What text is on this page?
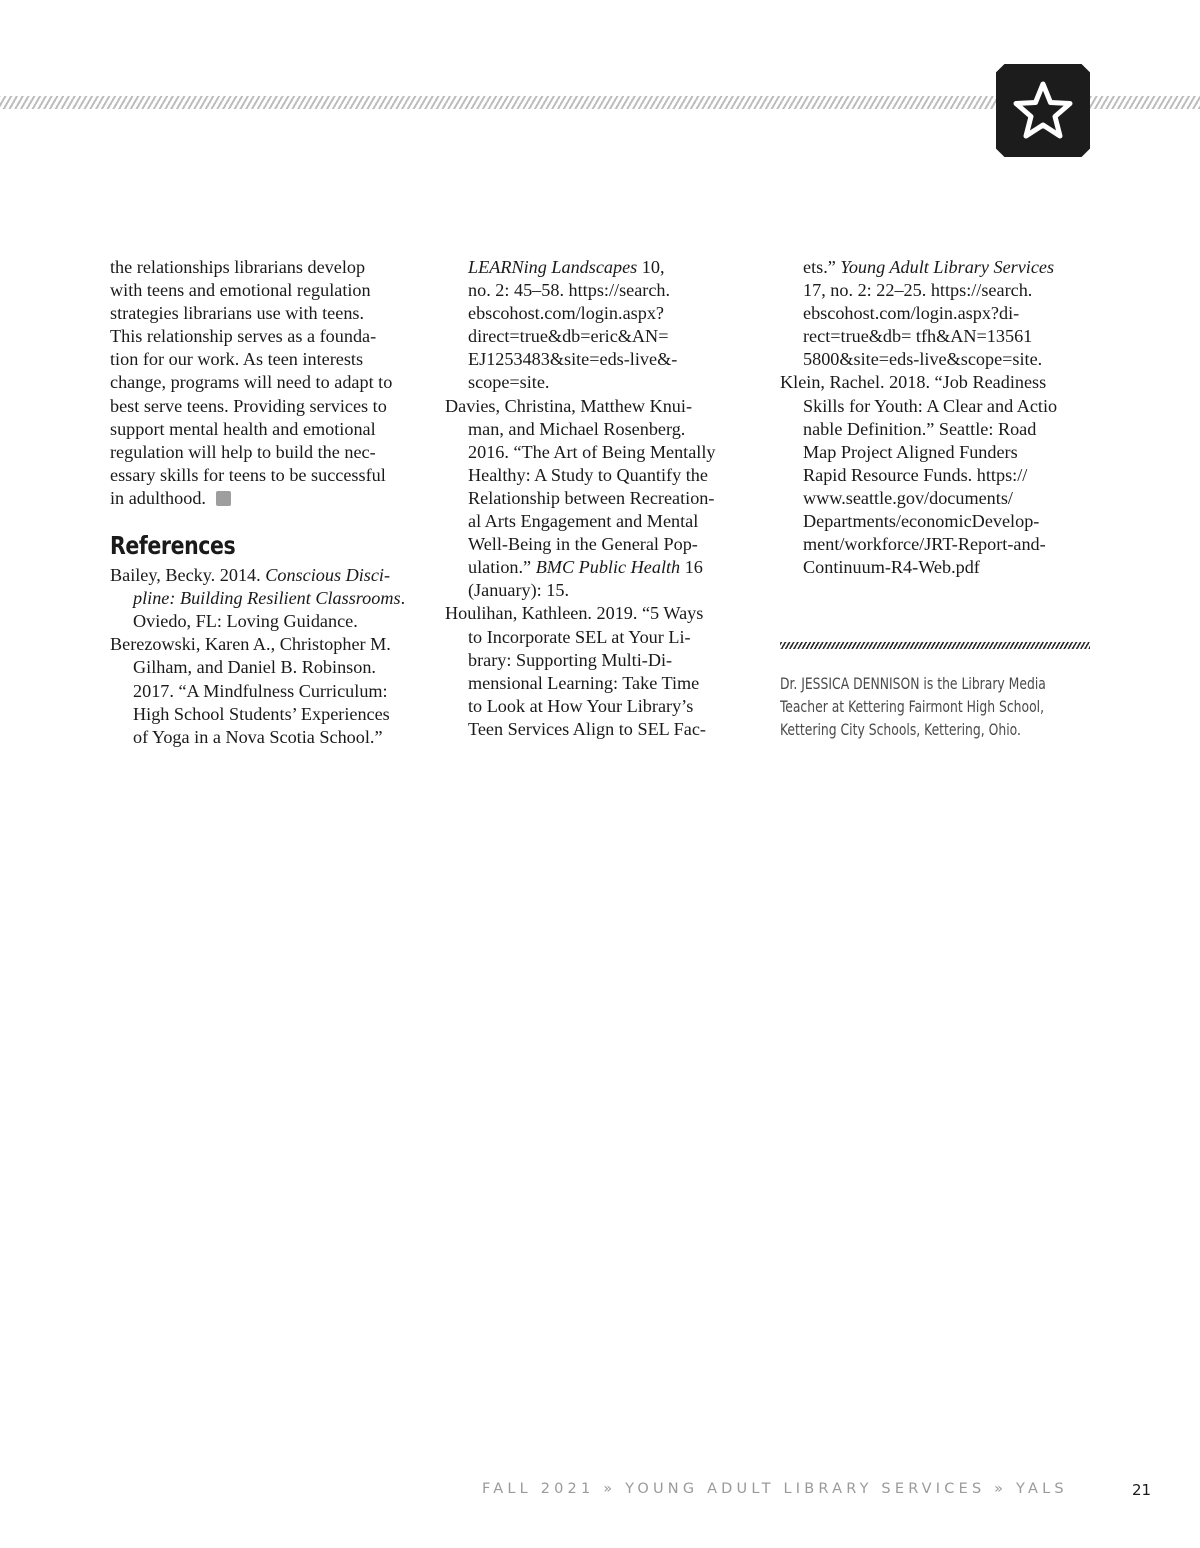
the relationships librarians develop

with teens and emotional regulation

strategies librarians use with teens.

This relationship serves as a founda-

tion for our work. As teen interests

change, programs will need to adapt to

best serve teens. Providing services to

support mental health and emotional

regulation will help to build the nec-

essary skills for teens to be successful

in adulthood.

References

Bailey, Becky. 2014. Conscious Disci-

pline: Building Resilient Classrooms.

Oviedo, FL: Loving Guidance.

Berezowski, Karen A., Christopher M.

Gilham, and Daniel B. Robinson.

2017. “A Mindfulness Curriculum:

High School Students’ Experiences

of Yoga in a Nova Scotia School.”

LEARNing Landscapes 10,

no. 2: 45–58. https://search.

ebscohost.com/login.aspx?

direct=true&db=eric&AN=

EJ1253483&site=eds-live&-

scope=site.

Davies, Christina, Matthew Knui-

man, and Michael Rosenberg.

2016. “The Art of Being Mentally

Healthy: A Study to Quantify the

Relationship between Recreation-

al Arts Engagement and Mental

Well-Being in the General Pop-

ulation.” BMC Public Health 16

(January): 15.

Houlihan, Kathleen. 2019. “5 Ways

to Incorporate SEL at Your Li-

brary: Supporting Multi-Di-

mensional Learning: Take Time

to Look at How Your Library’s

Teen Services Align to SEL Fac-

ets.” Young Adult Library Services

17, no. 2: 22–25. https://search.

ebscohost.com/login.aspx?di-

rect=true&db= tfh&AN=13561

5800&site=eds-live&scope=site.

Klein, Rachel. 2018. “Job Readiness

Skills for Youth: A Clear and Actio

nable Definition.” Seattle: Road

Map Project Aligned Funders

Rapid Resource Funds. https://

www.seattle.gov/documents/

Departments/economicDevelop-

ment/workforce/JRT-Report-and-

Continuum-R4-Web.pdf

Dr. JESSICA DENNISON is the Library Media
Teacher at Kettering Fairmont High School,
Kettering City Schools, Kettering, Ohio.
FALL 2021 » YOUNG ADULT LIBRARY SERVICES » YALS	21
